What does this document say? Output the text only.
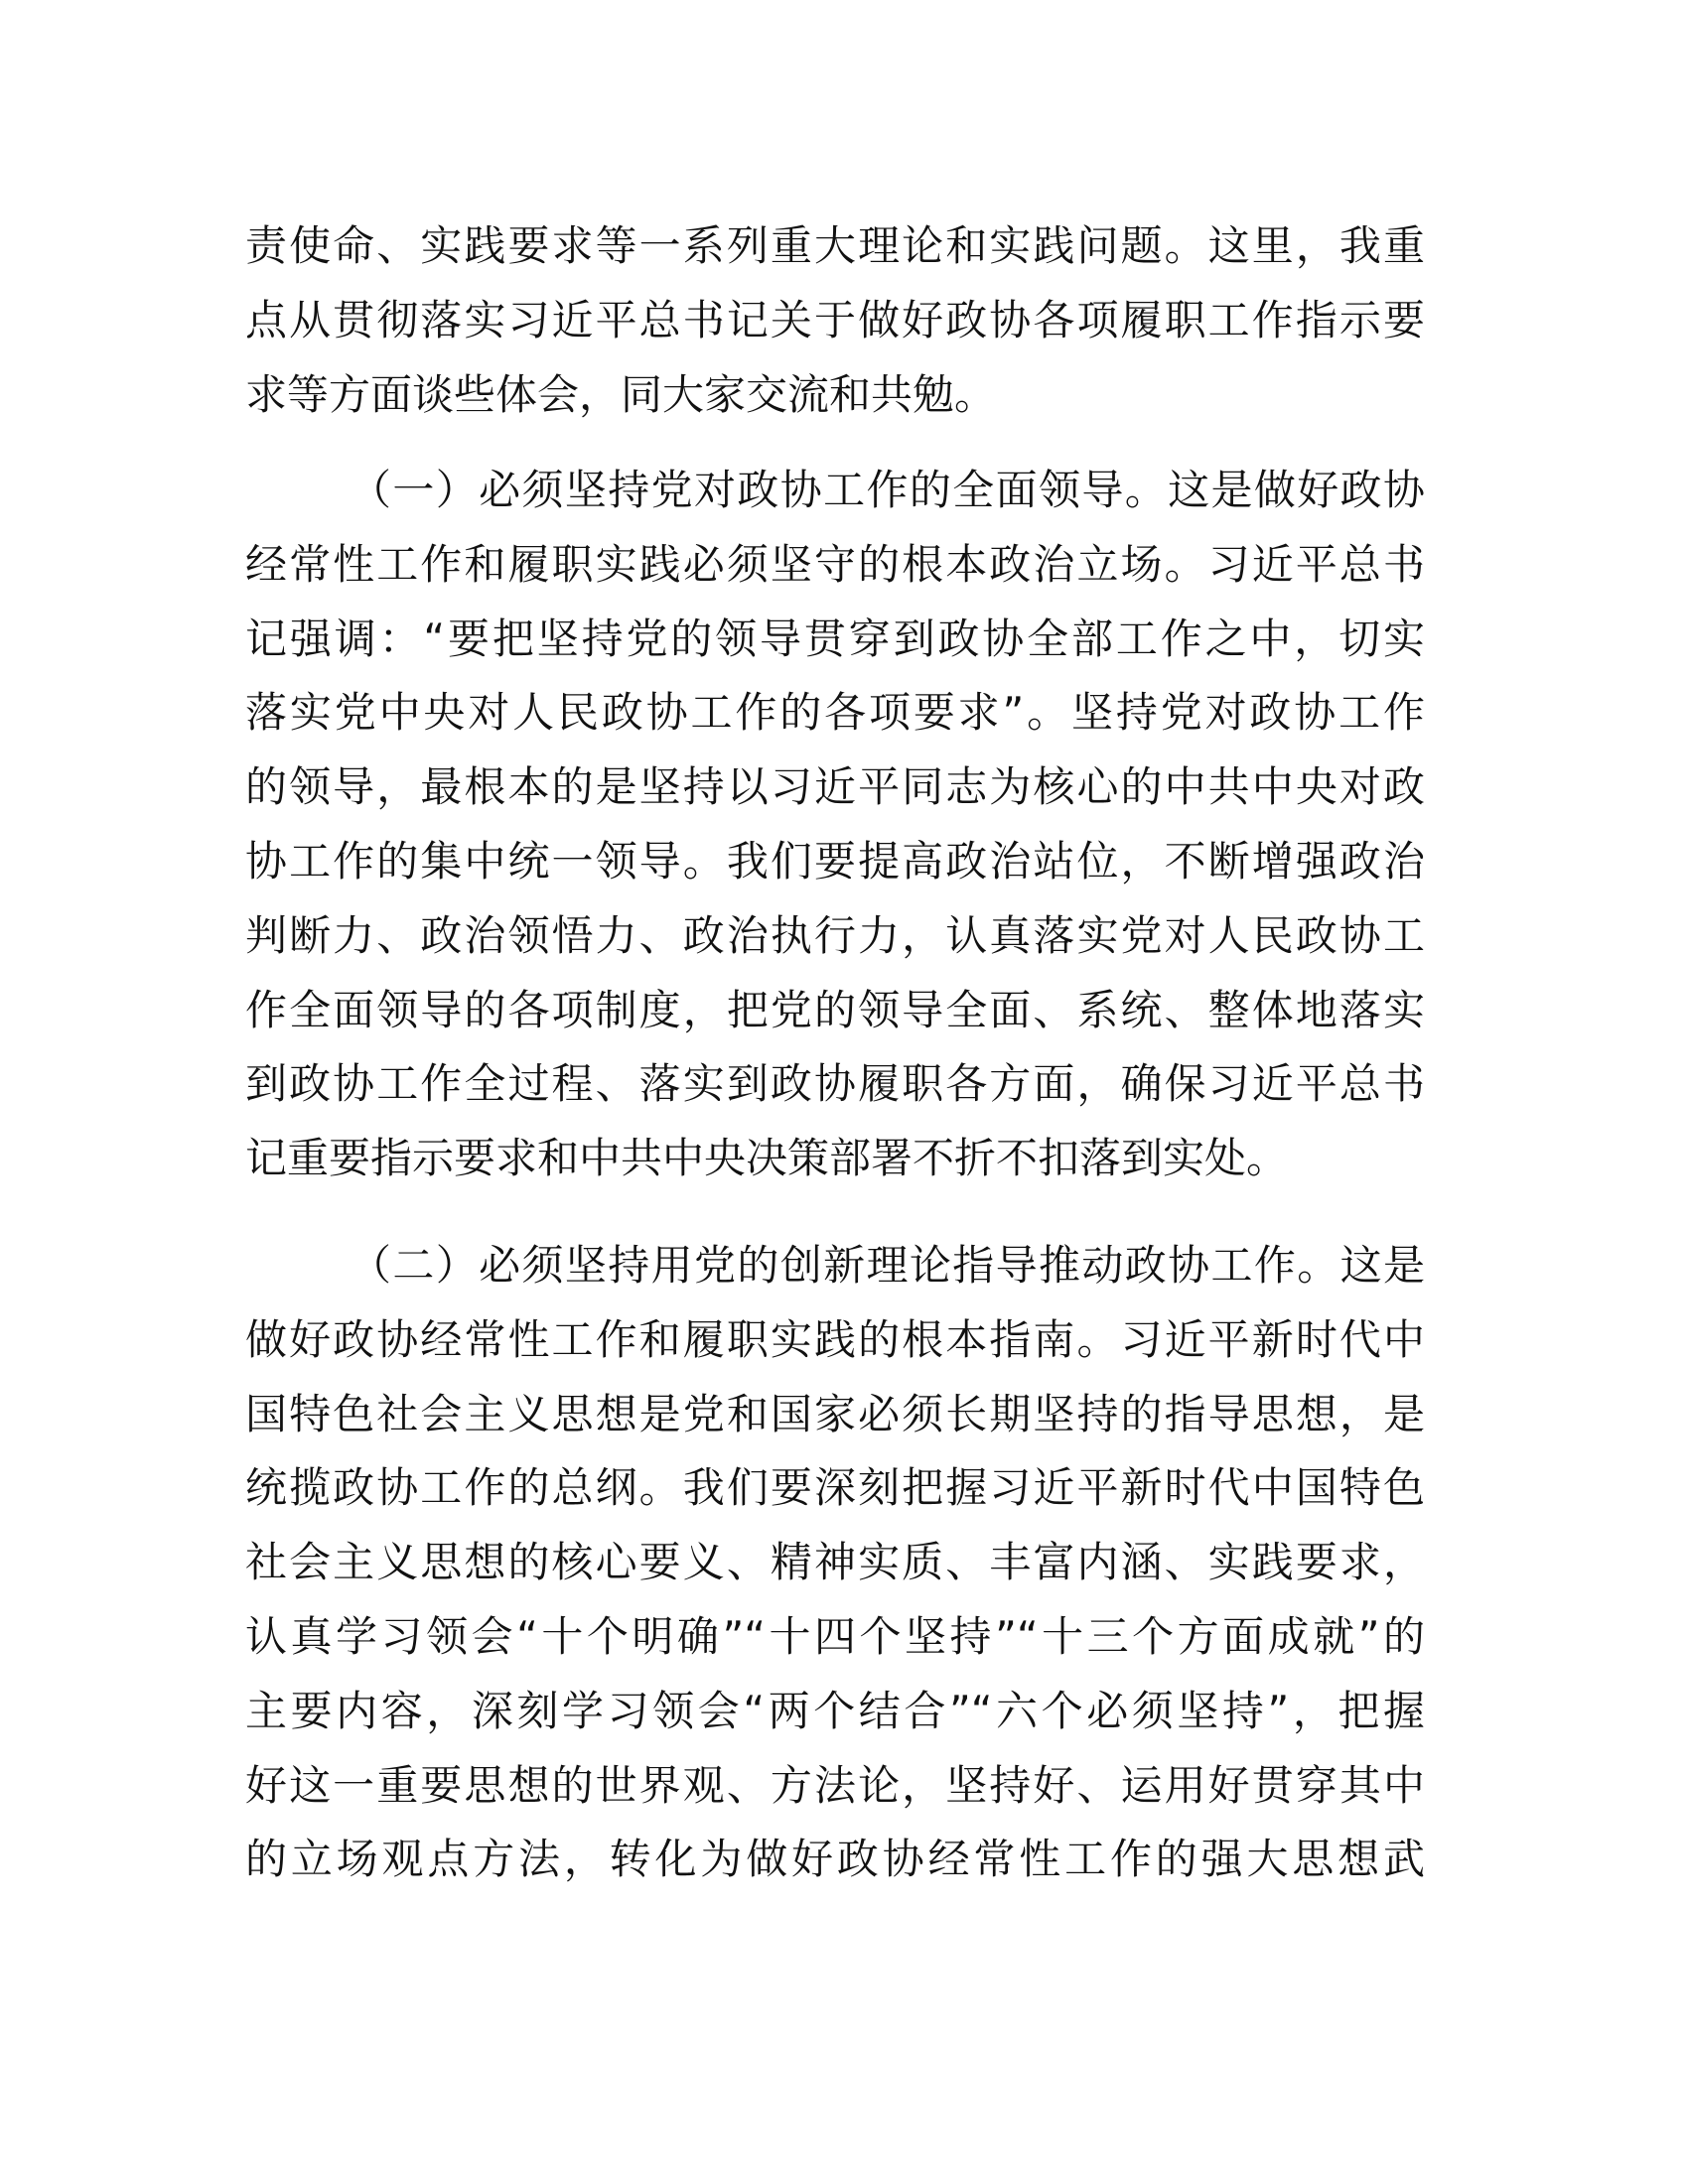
责使命、实践要求等一系列重大理论和实践问题。这里，我重
点从贯彻落实习近平总书记关于做好政协各项履职工作指示要
求等方面谈些体会，同大家交流和共勉。
（一）必须坚持党对政协工作的全面领导。这是做好政协
经常性工作和履职实践必须坚守的根本政治立场。习近平总书
记强调：“要把坚持党的领导贯穿到政协全部工作之中，切实
落实党中央对人民政协工作的各项要求”。坚持党对政协工作
的领导，最根本的是坚持以习近平同志为核心的中共中央对政
协工作的集中统一领导。我们要提高政治站位，不断增强政治
判断力、政治领悟力、政治执行力，认真落实党对人民政协工
作全面领导的各项制度，把党的领导全面、系统、整体地落实
到政协工作全过程、落实到政协履职各方面，确保习近平总书
记重要指示要求和中共中央决策部署不折不扣落到实处。
（二）必须坚持用党的创新理论指导推动政协工作。这是
做好政协经常性工作和履职实践的根本指南。习近平新时代中
国特色社会主义思想是党和国家必须长期坚持的指导思想，是
统揽政协工作的总纲。我们要深刻把握习近平新时代中国特色
社会主义思想的核心要义、精神实质、丰富内涵、实践要求，
认真学习领会“十个明确”“十四个坚持”“十三个方面成就”的
主要内容，深刻学习领会“两个结合”“六个必须坚持”，把握
好这一重要思想的世界观、方法论，坚持好、运用好贯穿其中
的立场观点方法，转化为做好政协经常性工作的强大思想武
